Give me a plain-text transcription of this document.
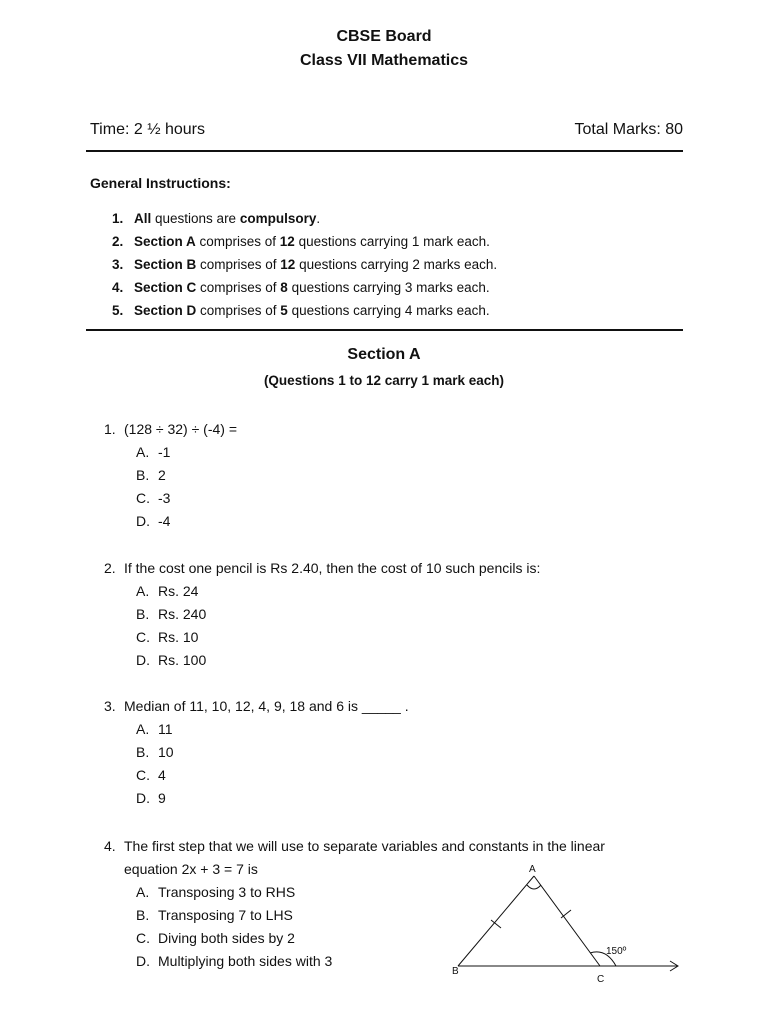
CBSE Board
Class VII Mathematics
Time: 2 ½ hours	Total Marks: 80
General Instructions:
1. All questions are compulsory.
2. Section A comprises of 12 questions carrying 1 mark each.
3. Section B comprises of 12 questions carrying 2 marks each.
4. Section C comprises of 8 questions carrying 3 marks each.
5. Section D comprises of 5 questions carrying 4 marks each.
Section A
(Questions 1 to 12 carry 1 mark each)
1. (128 ÷ 32) ÷ (-4) =
A. -1
B. 2
C. -3
D. -4
2. If the cost one pencil is Rs 2.40, then the cost of 10 such pencils is:
A. Rs. 24
B. Rs. 240
C. Rs. 10
D. Rs. 100
3. Median of 11, 10, 12, 4, 9, 18 and 6 is _____ .
A. 11
B. 10
C. 4
D. 9
4. The first step that we will use to separate variables and constants in the linear
equation 2x + 3 = 7 is
A. Transposing 3 to RHS
B. Transposing 7 to LHS
C. Diving both sides by 2
D. Multiplying both sides with 3
A
B
C
150º
